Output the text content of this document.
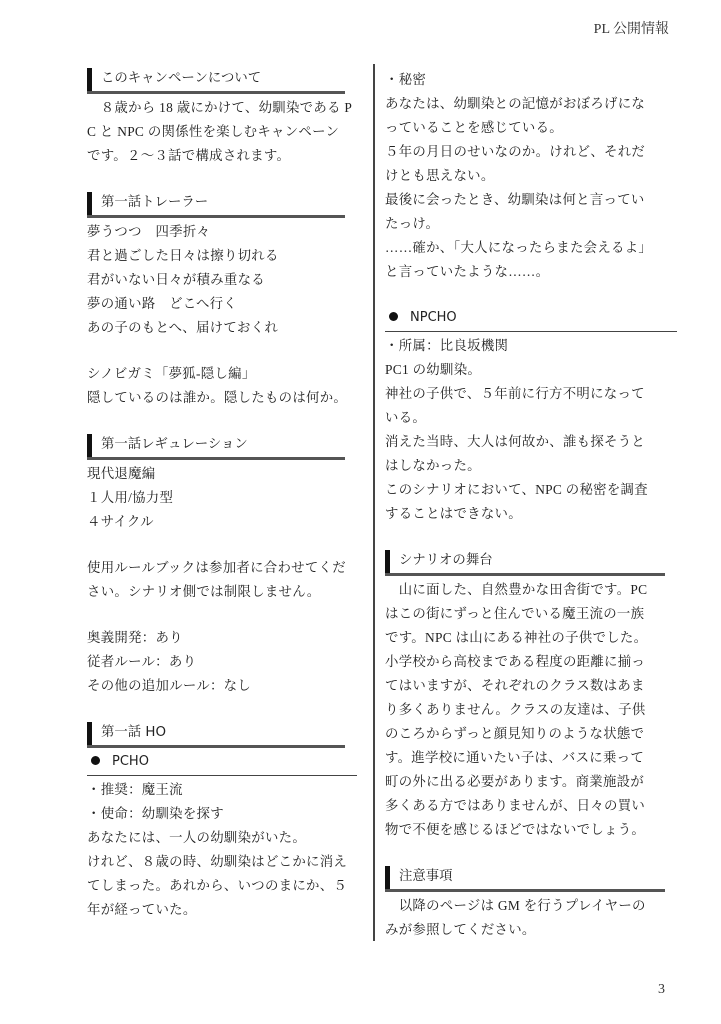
PL 公開情報
このキャンペーンについて
　８歳から 18 歳にかけて、幼馴染である P
C と NPC の関係性を楽しむキャンペーン
です。２～３話で構成されます。
第一話トレーラー
夢うつつ　四季折々
君と過ごした日々は擦り切れる
君がいない日々が積み重なる
夢の通い路　どこへ行く
あの子のもとへ、届けておくれ
シノビガミ「夢狐-隠し編」
隠しているのは誰か。隠したものは何か。
第一話レギュレーション
現代退魔編
１人用/協力型
４サイクル
使用ルールブックは参加者に合わせてくだ
さい。シナリオ側では制限しません。
奥義開発：あり
従者ルール：あり
その他の追加ルール：なし
第一話 HO
PCHO
・推奨：魔王流
・使命：幼馴染を探す
あなたには、一人の幼馴染がいた。
けれど、８歳の時、幼馴染はどこかに消え
てしまった。あれから、いつのまにか、５
年が経っていた。
・秘密
あなたは、幼馴染との記憶がおぼろげにな
っていることを感じている。
５年の月日のせいなのか。けれど、それだ
けとも思えない。
最後に会ったとき、幼馴染は何と言ってい
たっけ。
……確か、「大人になったらまた会えるよ」
と言っていたような……。
NPCHO
・所属：比良坂機関
PC1 の幼馴染。
神社の子供で、５年前に行方不明になって
いる。
消えた当時、大人は何故か、誰も探そうと
はしなかった。
このシナリオにおいて、NPC の秘密を調査
することはできない。
シナリオの舞台
　山に面した、自然豊かな田舎街です。PC
はこの街にずっと住んでいる魔王流の一族
です。NPC は山にある神社の子供でした。
小学校から高校まである程度の距離に揃っ
てはいますが、それぞれのクラス数はあま
り多くありません。クラスの友達は、子供
のころからずっと顔見知りのような状態で
す。進学校に通いたい子は、バスに乗って
町の外に出る必要があります。商業施設が
多くある方ではありませんが、日々の買い
物で不便を感じるほどではないでしょう。
注意事項
　以降のページは GM を行うプレイヤーの
みが参照してください。
3
